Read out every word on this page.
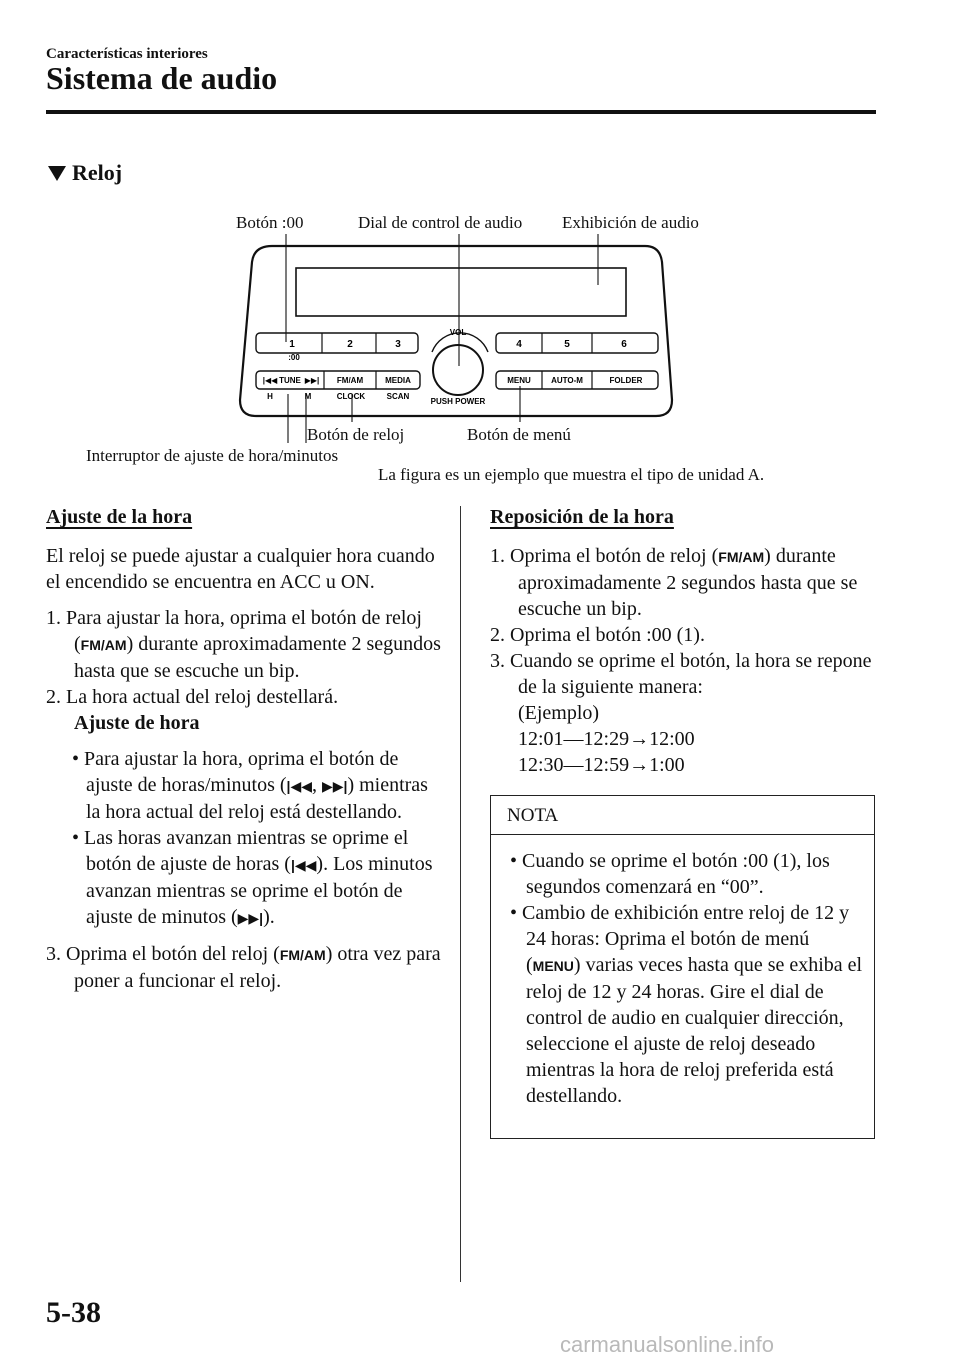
Características interiores
Sistema de audio
Reloj
Botón :00	Dial de control de audio Exhibición de audio
Botón de reloj	Botón de menú
Interruptor de ajuste de hora/minutos
La figura es un ejemplo que muestra el tipo de unidad A.
1	2	3
:00
4	5	6
VOL
PUSH POWER
TUNE
|◀◀	▶▶| FM/AM	MEDIA
H	M	CLOCK	SCAN
MENU	AUTO-M	FOLDER
Ajuste de la hora
El reloj se puede ajustar a cualquier hora cuando el encendido se encuentra en ACC u ON.
1. Para ajustar la hora, oprima el botón de reloj (FM/AM) durante aproximadamente 2 segundos hasta que se escuche un bip.
2. La hora actual del reloj destellará.
Ajuste de hora
• Para ajustar la hora, oprima el botón de ajuste de horas/minutos (|◀◀, ▶▶|) mientras la hora actual del reloj está destellando.
• Las horas avanzan mientras se oprime el botón de ajuste de horas (|◀◀). Los minutos avanzan mientras se oprime el botón de ajuste de minutos (▶▶|).
3. Oprima el botón del reloj (FM/AM) otra vez para poner a funcionar el reloj.
Reposición de la hora
1. Oprima el botón de reloj (FM/AM) durante aproximadamente 2 segundos hasta que se escuche un bip.
2. Oprima el botón :00 (1).
3. Cuando se oprime el botón, la hora se repone de la siguiente manera:
(Ejemplo)
12:01—12:29→12:00
12:30—12:59→1:00
NOTA
• Cuando se oprime el botón :00 (1), los segundos comenzará en “00”.
• Cambio de exhibición entre reloj de 12 y 24 horas: Oprima el botón de menú (MENU) varias veces hasta que se exhiba el reloj de 12 y 24 horas. Gire el dial de control de audio en cualquier dirección, seleccione el ajuste de reloj deseado mientras la hora de reloj preferida está destellando.
5-38
carmanualsonline.info
